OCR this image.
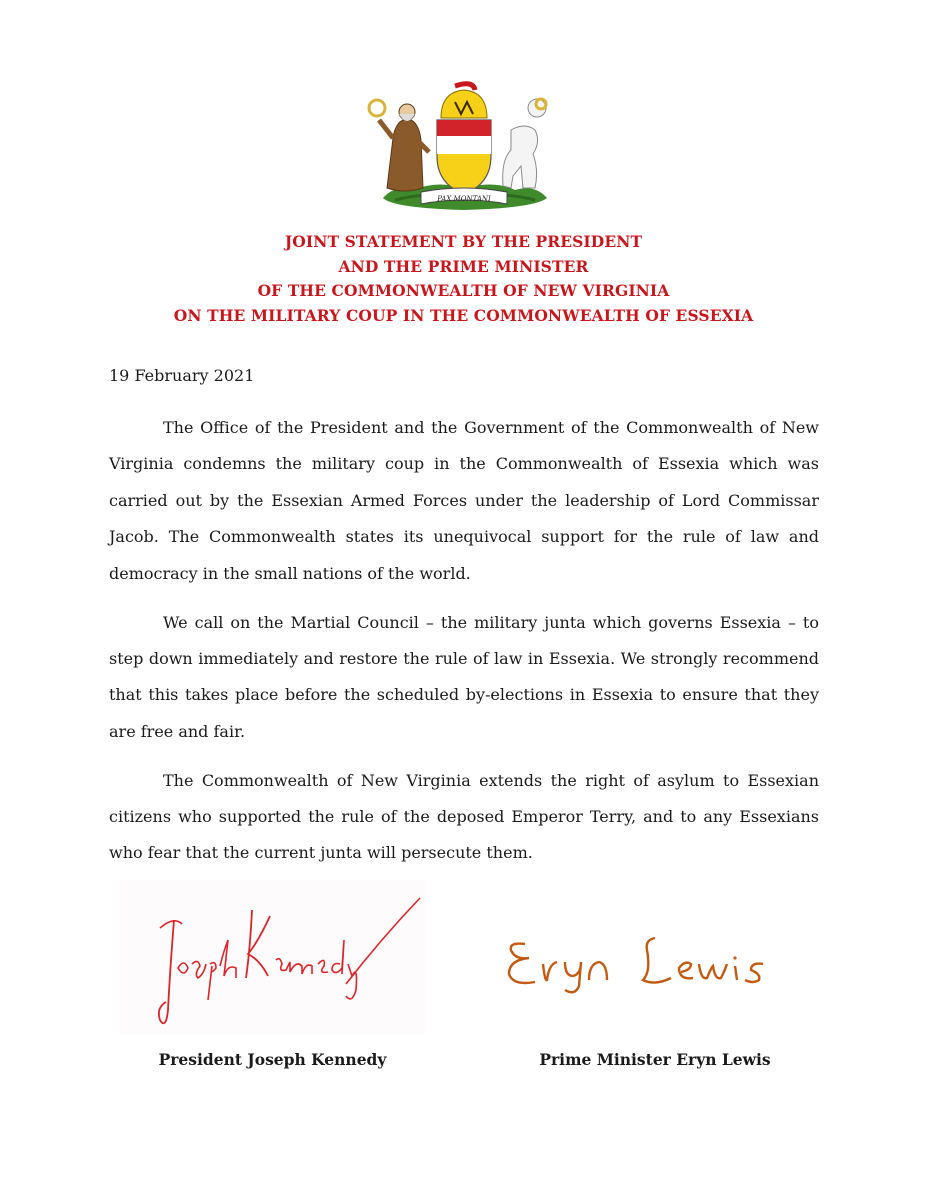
PAX MONTANI
JOINT STATEMENT BY THE PRESIDENT
AND THE PRIME MINISTER
OF THE COMMONWEALTH OF NEW VIRGINIA
ON THE MILITARY COUP IN THE COMMONWEALTH OF ESSEXIA
19 February 2021

The Office of the President and the Government of the Commonwealth of New Virginia condemns the military coup in the Commonwealth of Essexia which was carried out by the Essexian Armed Forces under the leadership of Lord Commissar Jacob. The Commonwealth states its unequivocal support for the rule of law and democracy in the small nations of the world.

We call on the Martial Council – the military junta which governs Essexia – to step down immediately and restore the rule of law in Essexia. We strongly recommend that this takes place before the scheduled by-elections in Essexia to ensure that they are free and fair.

The Commonwealth of New Virginia extends the right of asylum to Essexian citizens who supported the rule of the deposed Emperor Terry, and to any Essexians who fear that the current junta will persecute them.

President Joseph Kennedy	Prime Minister Eryn Lewis
